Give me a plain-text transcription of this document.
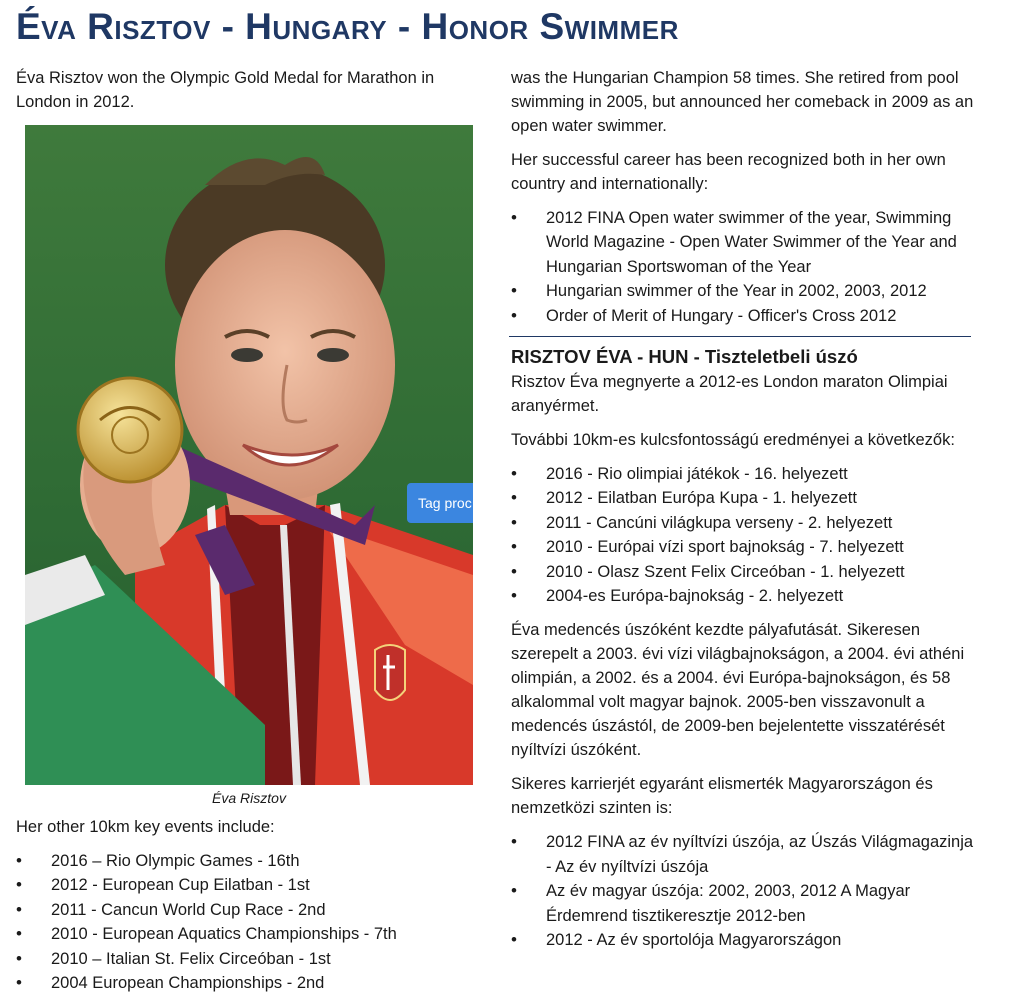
Éva Risztov - Hungary - Honor Swimmer

Éva Risztov won the Olympic Gold Medal for Marathon in London in 2012.

Tag proc
Éva Risztov

Her other 10km key events include:

• 2016 – Rio Olympic Games - 16th
• 2012 - European Cup Eilatban - 1st
• 2011 - Cancun World Cup Race - 2nd
• 2010 - European Aquatics Championships - 7th
• 2010 – Italian St. Felix Circeóban - 1st
• 2004 European Championships - 2nd

was the Hungarian Champion 58 times. She retired from pool swimming in 2005, but announced her comeback in 2009 as an open water swimmer.

Her successful career has been recognized both in her own country and internationally:

• 2012 FINA Open water swimmer of the year, Swimming World Magazine - Open Water Swimmer of the Year and Hungarian Sportswoman of the Year
• Hungarian swimmer of the Year in 2002, 2003, 2012
• Order of Merit of Hungary - Officer's Cross 2012
RISZTOV ÉVA - HUN - Tiszteletbeli úszó

Risztov Éva megnyerte a 2012-es London maraton Olimpiai aranyérmet.

További 10km-es kulcsfontosságú eredményei a következők:

• 2016 - Rio olimpiai játékok - 16. helyezett
• 2012 - Eilatban Európa Kupa - 1. helyezett
• 2011 - Cancúni világkupa verseny - 2. helyezett
• 2010 - Európai vízi sport bajnokság - 7. helyezett
• 2010 - Olasz Szent Felix Circeóban - 1. helyezett
• 2004-es Európa-bajnokság - 2. helyezett

Éva medencés úszóként kezdte pályafutását. Sikeresen szerepelt a 2003. évi vízi világbajnokságon, a 2004. évi athéni olimpián, a 2002. és a 2004. évi Európa-bajnokságon, és 58 alkalommal volt magyar bajnok. 2005-ben visszavonult a medencés úszástól, de 2009-ben bejelentette visszatérését nyíltvízi úszóként.

Sikeres karrierjét egyaránt elismerték Magyarországon és nemzetközi szinten is:

• 2012 FINA az év nyíltvízi úszója, az Úszás Világmagazinja - Az év nyíltvízi úszója
• Az év magyar úszója: 2002, 2003, 2012 A Magyar Érdemrend tisztikeresztje 2012-ben
• 2012 - Az év sportolója Magyarországon
